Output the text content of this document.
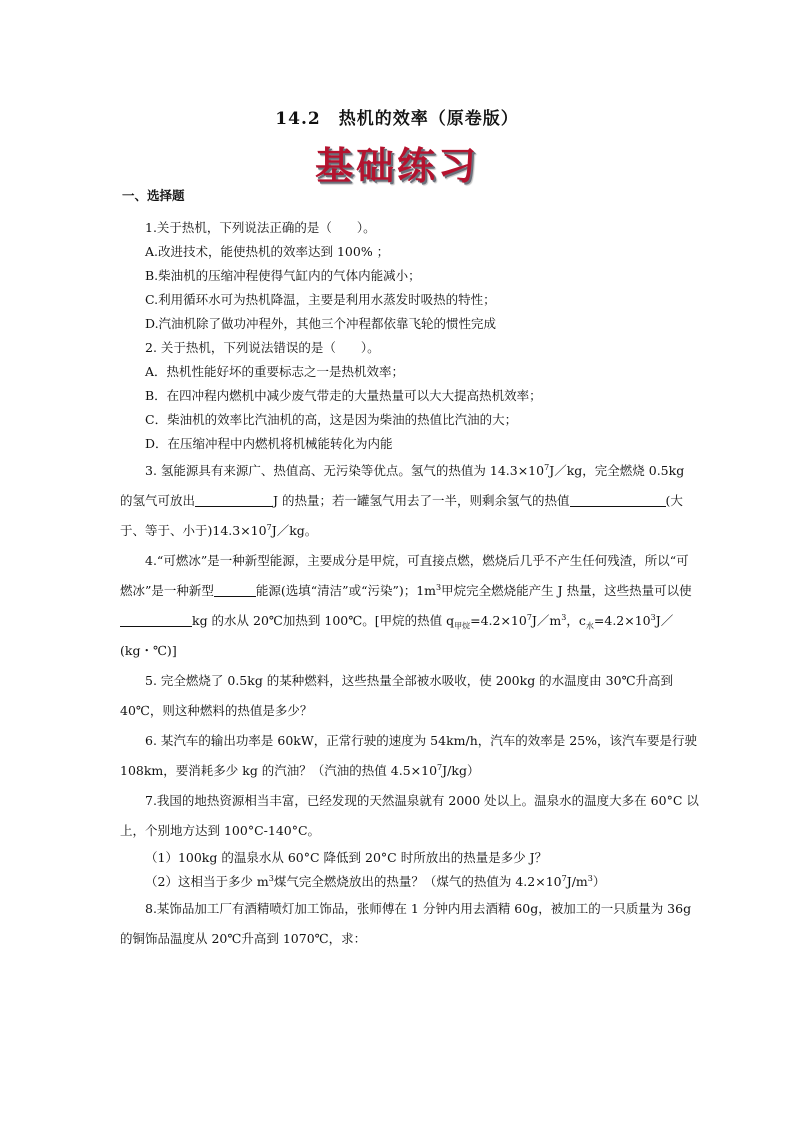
14.2　热机的效率（原卷版）
基础练习
一、选择题

1.关于热机，下列说法正确的是（　　）。

A.改进技术，能使热机的效率达到 100% ；

B.柴油机的压缩冲程使得气缸内的气体内能减小；

C.利用循环水可为热机降温，主要是利用水蒸发时吸热的特性；

D.汽油机除了做功冲程外，其他三个冲程都依靠飞轮的惯性完成

2. 关于热机，下列说法错误的是（　　）。

A．热机性能好坏的重要标志之一是热机效率；

B．在四冲程内燃机中减少废气带走的大量热量可以大大提高热机效率；

C．柴油机的效率比汽油机的高，这是因为柴油的热值比汽油的大；

D．在压缩冲程中内燃机将机械能转化为内能

3. 氢能源具有来源广、热值高、无污染等优点。氢气的热值为 $14.3\times 10^7J/kg$，完全燃烧 0.5kg 的氢气可放出	J 的热量；若一罐氢气用去了一半，则剩余氢气的热值	(大于、等于、小于)$14.3\times 10^7J/kg$。

4.“可燃冰”是一种新型能源，主要成分是甲烷，可直接点燃，燃烧后几乎不产生任何残渣，所以“可燃冰”是一种新型	能源(选填“清洁”或“污染”)；$1m^3$甲烷完全燃烧能产生 J 热量，这些热量可以使kg 的水从 20℃加热到 100℃。[甲烷的热值 $q_{甲烷}=4.2\times 10^7J/m^3$，$c_水=4.2\times 10^3J/(kg$・℃)]

5. 完全燃烧了 0.5kg 的某种燃料，这些热量全部被水吸收，使 200kg 的水温度由 30℃升高到 40℃，则这种燃料的热值是多少？

6. 某汽车的输出功率是 60kW，正常行驶的速度为 54km/h，汽车的效率是 25%，该汽车要是行驶 108km，要消耗多少 kg 的汽油？（汽油的热值 $4.5\times 10^7J/kg$）

7.我国的地热资源相当丰富，已经发现的天然温泉就有 2000 处以上。温泉水的温度大多在 60°C 以上，个别地方达到 100°C-140°C。

（1）100kg 的温泉水从 60°C 降低到 20°C 时所放出的热量是多少 J？

（2）这相当于多少 $m^3$煤气完全燃烧放出的热量？（煤气的热值为 $4.2\times 10^7J/m^3$）

8.某饰品加工厂有酒精喷灯加工饰品，张师傅在 1 分钟内用去酒精 60g，被加工的一只质量为 36g 的铜饰品温度从 20℃升高到 1070℃，求：
